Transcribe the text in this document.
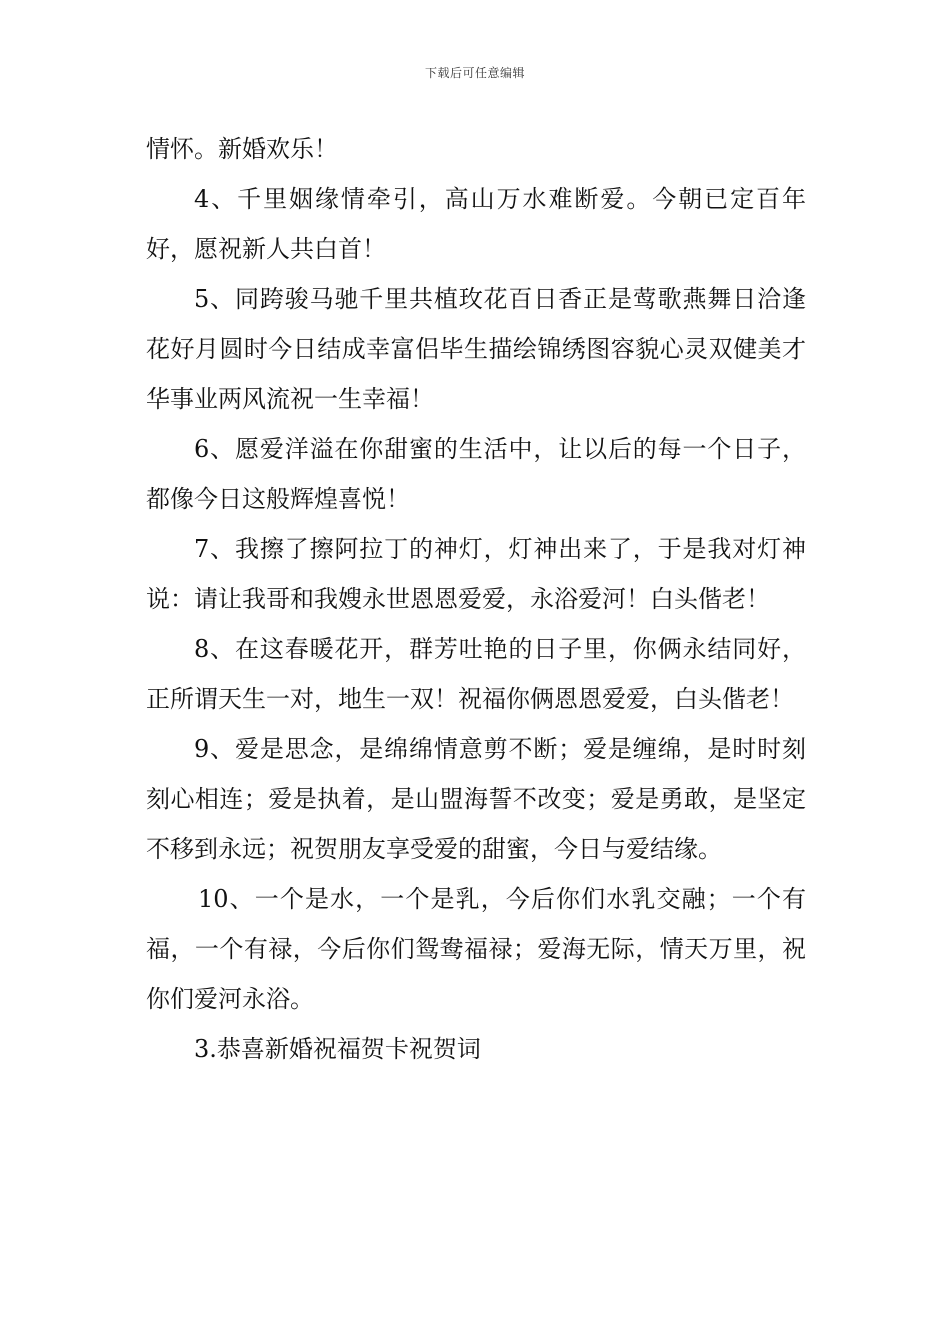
下载后可任意编辑

情怀。新婚欢乐！

4、千里姻缘情牵引，高山万水难断爱。今朝已定百年好，愿祝新人共白首！

5、同跨骏马驰千里共植玫花百日香正是莺歌燕舞日洽逢花好月圆时今日结成幸富侣毕生描绘锦绣图容貌心灵双健美才华事业两风流祝一生幸福！

6、愿爱洋溢在你甜蜜的生活中，让以后的每一个日子，都像今日这般辉煌喜悦！

7、我擦了擦阿拉丁的神灯，灯神出来了，于是我对灯神说：请让我哥和我嫂永世恩恩爱爱，永浴爱河！白头偕老！

8、在这春暖花开，群芳吐艳的日子里，你俩永结同好，正所谓天生一对，地生一双！祝福你俩恩恩爱爱，白头偕老！

9、爱是思念，是绵绵情意剪不断；爱是缠绵，是时时刻刻心相连；爱是执着，是山盟海誓不改变；爱是勇敢，是坚定不移到永远；祝贺朋友享受爱的甜蜜，今日与爱结缘。

10、一个是水，一个是乳，今后你们水乳交融；一个有福，一个有禄，今后你们鸳鸯福禄；爱海无际，情天万里，祝你们爱河永浴。

3.恭喜新婚祝福贺卡祝贺词
